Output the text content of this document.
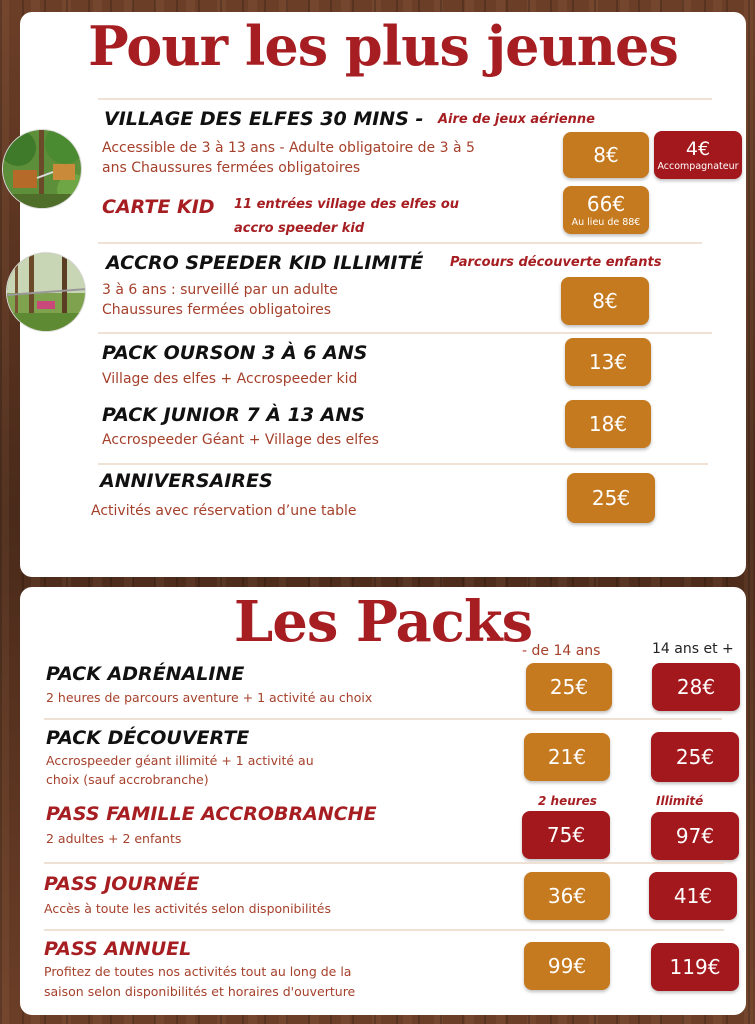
Pour les plus jeunes
VILLAGE DES ELFES 30 MINS - Aire de jeux aérienne
Accessible de 3 à 13 ans - Adulte obligatoire de 3 à 5
ans Chaussures fermées obligatoires
8€	4€
Accompagnateur
CARTE KID 11 entrées village des elfes ou
accro speeder kid
66€
Au lieu de 88€
ACCRO SPEEDER KID ILLIMITÉ Parcours découverte enfants
3 à 6 ans : surveillé par un adulte
Chaussures fermées obligatoires	8€
PACK OURSON 3 À 6 ANS
Village des elfes + Accrospeeder kid
13€
PACK JUNIOR 7 À 13 ANS
Accrospeeder Géant + Village des elfes
18€
ANNIVERSAIRES
Activités avec réservation d’une table
25€
Les Packs
- de 14 ans	14 ans et +
PACK ADRÉNALINE
2 heures de parcours aventure + 1 activité au choix	25€	28€
PACK DÉCOUVERTE
Accrospeeder géant illimité + 1 activité au
choix (sauf accrobranche)
21€	25€
2 heures	Illimité
PASS FAMILLE ACCROBRANCHE
2 adultes + 2 enfants	75€	97€
PASS JOURNÉE
Accès à toute les activités selon disponibilités
36€	41€
PASS ANNUEL
Profitez de toutes nos activités tout au long de la
saison selon disponibilités et horaires d'ouverture
99€	119€
